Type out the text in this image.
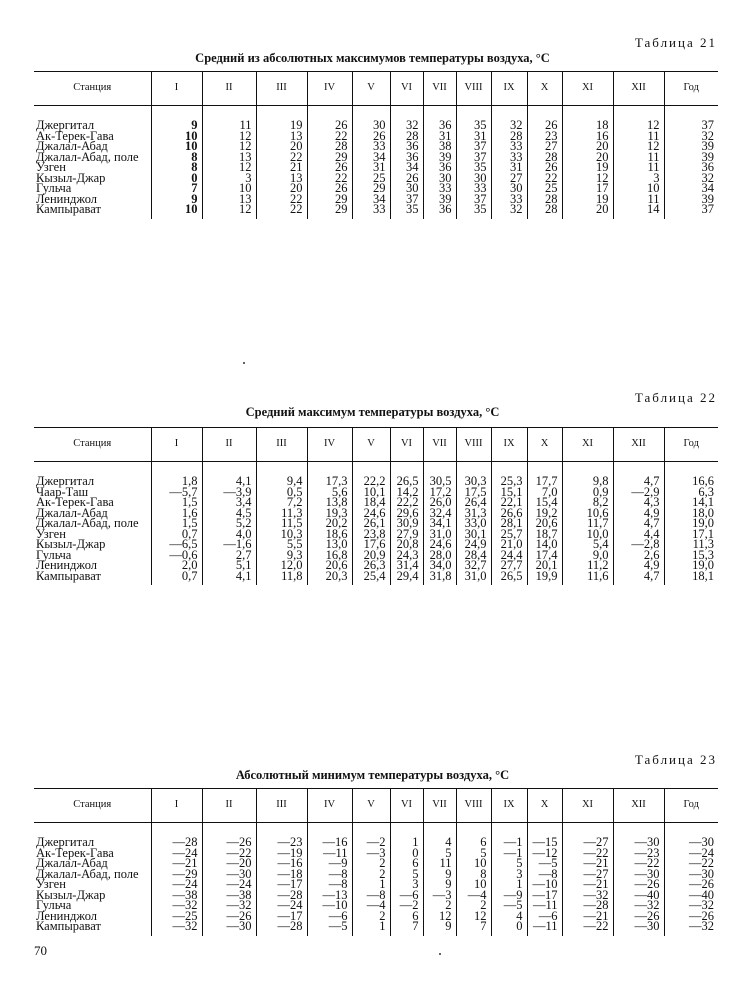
Таблица 21
Средний из абсолютных максимумов температуры воздуха, °С
Станция	I	II	III	IV	V	VI	VII	VIII	IX	X	XI	XII	Год

Джергитал	9	11	19	26	30	32	36	35	32	26	18	12	37
Ак-Терек-Гава	10	12	13	22	26	28	31	31	28	23	16	11	32
Джалал-Абад	10	12	20	28	33	36	38	37	33	27	20	12	39
Джалал-Абад, поле	8	13	22	29	34	36	39	37	33	28	20	11	39
Узген	8	12	21	26	31	34	36	35	31	26	19	11	36
Кызыл-Джар	0	3	13	22	25	26	30	30	27	22	12	3	32
Гульча	7	10	20	26	29	30	33	33	30	25	17	10	34
Ленинджол	9	13	22	29	34	37	39	37	33	28	19	11	39
Кампырават	10	12	22	29	33	35	36	35	32	28	20	14	37
Таблица 22
Средний максимум температуры воздуха, °С
Станция	I	II	III	IV	V	VI	VII	VIII	IX	X	XI	XII	Год

Джергитал	1,8	4,1	9,4	17,3	22,2	26,5	30,5	30,3	25,3	17,7	9,8	4,7	16,6
Чаар-Таш	—5,7	—3,9	0,5	5,6	10,1	14,2	17,2	17,5	15,1	7,0	0,9	—2,9	6,3
Ак-Терек-Гава	1,5	3,4	7,2	13,8	18,4	22,2	26,0	26,4	22,1	15,4	8,2	4,3	14,1
Джалал-Абад	1,6	4,5	11,3	19,3	24,6	29,6	32,4	31,3	26,6	19,2	10,6	4,9	18,0
Джалал-Абад, поле	1,5	5,2	11,5	20,2	26,1	30,9	34,1	33,0	28,1	20,6	11,7	4,7	19,0
Узген	0,7	4,0	10,3	18,6	23,8	27,9	31,0	30,1	25,7	18,7	10,0	4,4	17,1
Кызыл-Джар	—6,5	—1,6	5,5	13,0	17,6	20,8	24,6	24,9	21,0	14,0	5,4	—2,8	11,3
Гульча	—0,6	2,7	9,3	16,8	20,9	24,3	28,0	28,4	24,4	17,4	9,0	2,6	15,3
Ленинджол	2,0	5,1	12,0	20,6	26,3	31,4	34,0	32,7	27,7	20,1	11,2	4,9	19,0
Кампырават	0,7	4,1	11,8	20,3	25,4	29,4	31,8	31,0	26,5	19,9	11,6	4,7	18,1
Таблица 23
Абсолютный минимум температуры воздуха, °С
Станция	I	II	III	IV	V	VI	VII	VIII	IX	X	XI	XII	Год

Джергитал	—28	—26	—23	—16	—2	1	4	6	—1	—15	—27	—30	—30
Ак-Терек-Гава	—24	—22	—19	—11	—3	0	5	5	—1	—12	—22	—23	—24
Джалал-Абад	—21	—20	—16	—9	2	6	11	10	5	—5	—21	—22	—22
Джалал-Абад, поле	—29	—30	—18	—8	2	5	9	8	3	—8	—27	—30	—30
Узген	—24	—24	—17	—8	1	3	9	10	1	—10	—21	—26	—26
Кызыл-Джар	—38	—38	—28	—13	—8	—6	—3	—4	—9	—17	—32	—40	—40
Гульча	—32	—32	—24	—10	—4	—2	2	2	—5	—11	—28	—32	—32
Ленинджол	—25	—26	—17	—6	2	6	12	12	4	—6	—21	—26	—26
Кампырават	—32	—30	—28	—5	1	7	9	7	0	—11	—22	—30	—32
70
